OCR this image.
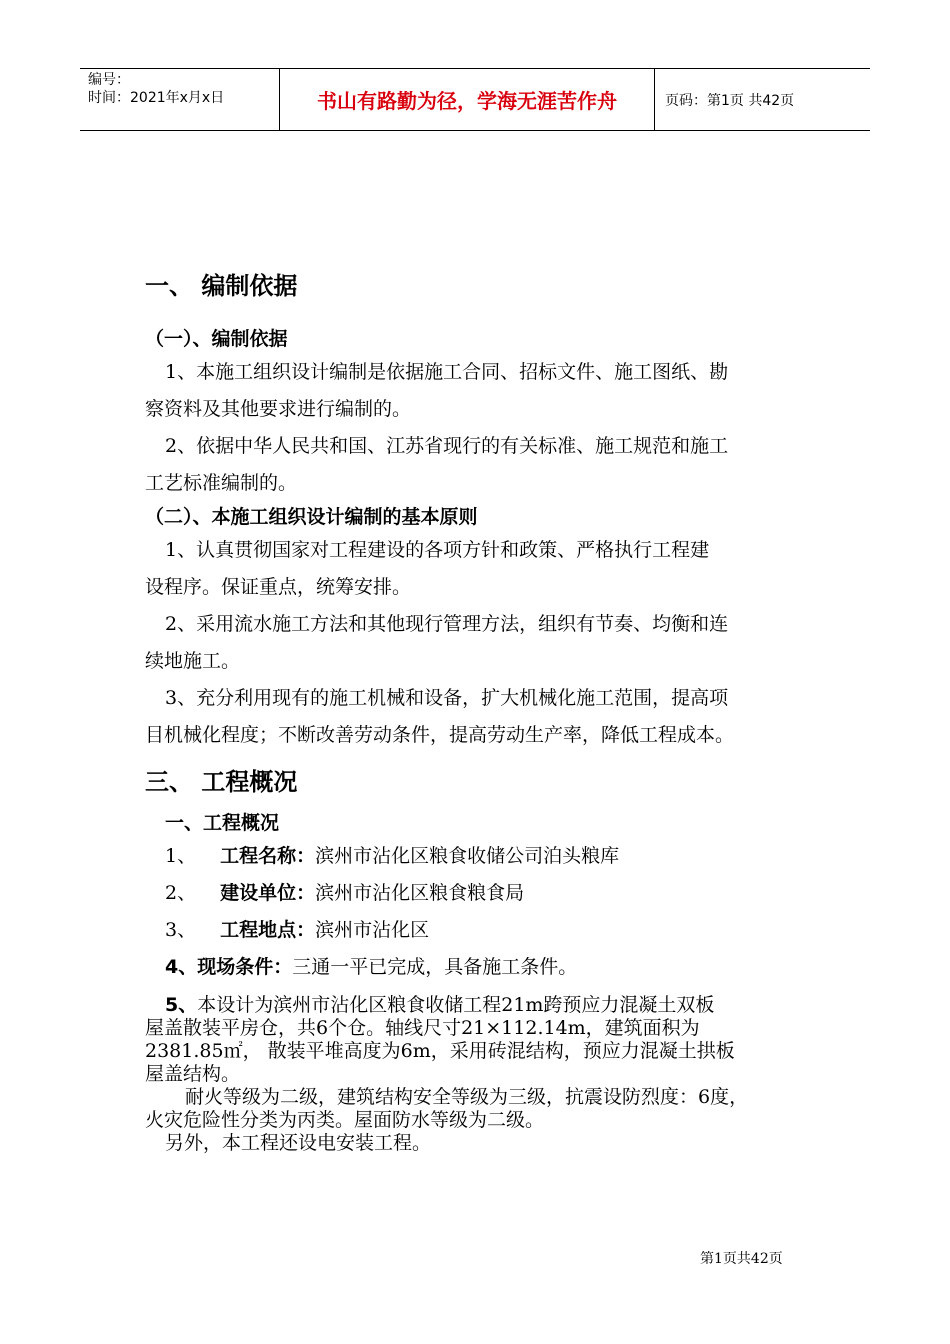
编号：
时间：2021年x月x日	书山有路勤为径，学海无涯苦作舟	页码：第1页 共42页
一、 编制依据
（一）、编制依据

1、本施工组织设计编制是依据施工合同、招标文件、施工图纸、勘

察资料及其他要求进行编制的。

2、依据中华人民共和国、江苏省现行的有关标准、施工规范和施工

工艺标准编制的。

（二）、本施工组织设计编制的基本原则

1、认真贯彻国家对工程建设的各项方针和政策、严格执行工程建

设程序。保证重点，统筹安排。

2、采用流水施工方法和其他现行管理方法，组织有节奏、均衡和连

续地施工。

3、充分利用现有的施工机械和设备，扩大机械化施工范围，提高项

目机械化程度；不断改善劳动条件，提高劳动生产率，降低工程成本。

三、 工程概况
一、工程概况

1、 工程名称：滨州市沾化区粮食收储公司泊头粮库

2、 建设单位：滨州市沾化区粮食粮食局

3、 工程地点：滨州市沾化区

4、现场条件：三通一平已完成，具备施工条件。

5、本设计为滨州市沾化区粮食收储工程21m跨预应力混凝土双板

屋盖散装平房仓，共6个仓。轴线尺寸21×112.14m，建筑面积为

2381.85㎡， 散装平堆高度为6m，采用砖混结构，预应力混凝土拱板

屋盖结构。

耐火等级为二级，建筑结构安全等级为三级，抗震设防烈度：6度，

火灾危险性分类为丙类。屋面防水等级为二级。

另外，本工程还设电安装工程。

第1页共42页
